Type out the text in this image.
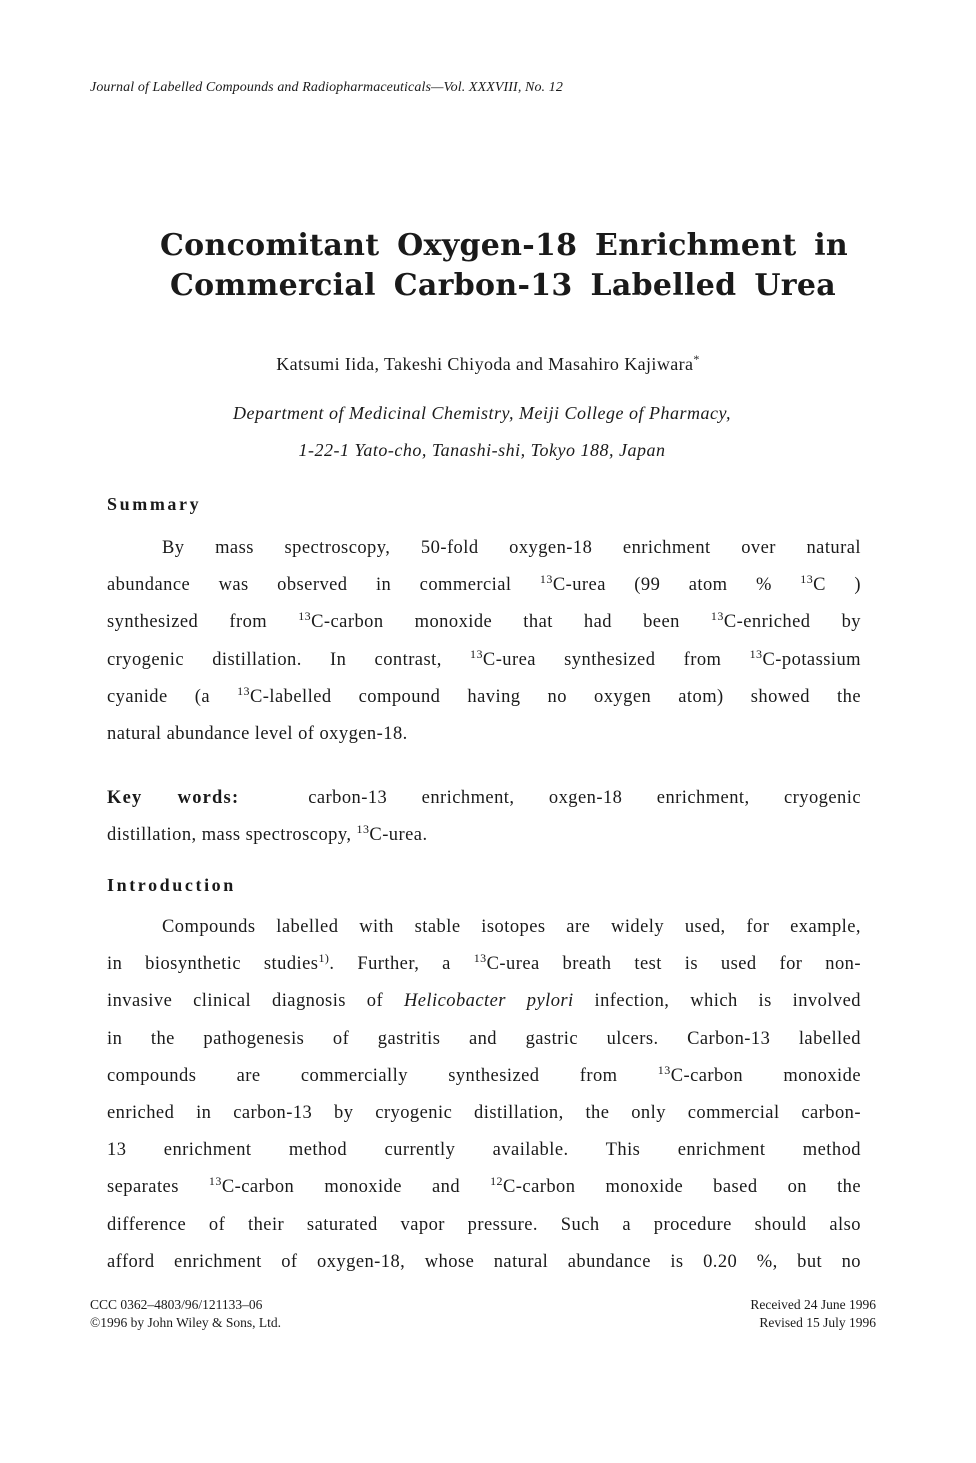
Journal of Labelled Compounds and Radiopharmaceuticals—Vol. XXXVIII, No. 12
Concomitant Oxygen-18 Enrichment in
Commercial Carbon-13 Labelled Urea
Katsumi Iida, Takeshi Chiyoda and Masahiro Kajiwara*
Department of Medicinal Chemistry, Meiji College of Pharmacy,
1-22-1 Yato-cho, Tanashi-shi, Tokyo 188, Japan
Summary
By mass spectroscopy, 50-fold oxygen-18 enrichment over natural
abundance was observed in commercial $^{13}$C-urea (99 atom % $^{13}$C )
synthesized from $^{13}$C-carbon monoxide that had been $^{13}$C-enriched by
cryogenic distillation. In contrast, $^{13}$C-urea synthesized from $^{13}$C-potassium
cyanide (a $^{13}$C-labelled compound having no oxygen atom) showed the
natural abundance level of oxygen-18.
Key words:	carbon-13 enrichment, oxgen-18 enrichment, cryogenic
distillation, mass spectroscopy, $^{13}$C-urea.
Introduction
Compounds labelled with stable isotopes are widely used, for example,
in biosynthetic studies$^{1)}$. Further, a $^{13}$C-urea breath test is used for non-
invasive clinical diagnosis of Helicobacter pylori infection, which is involved
in the pathogenesis of gastritis and gastric ulcers. Carbon-13 labelled
compounds are commercially synthesized from $^{13}$C-carbon monoxide
enriched in carbon-13 by cryogenic distillation, the only commercial carbon-
13 enrichment method currently available. This enrichment method
separates $^{13}$C-carbon monoxide and $^{12}$C-carbon monoxide based on the
difference of their saturated vapor pressure. Such a procedure should also
afford enrichment of oxygen-18, whose natural abundance is 0.20 %, but no
CCC 0362–4803/96/121133–06
©1996 by John Wiley & Sons, Ltd.
Received 24 June 1996
Revised 15 July 1996
